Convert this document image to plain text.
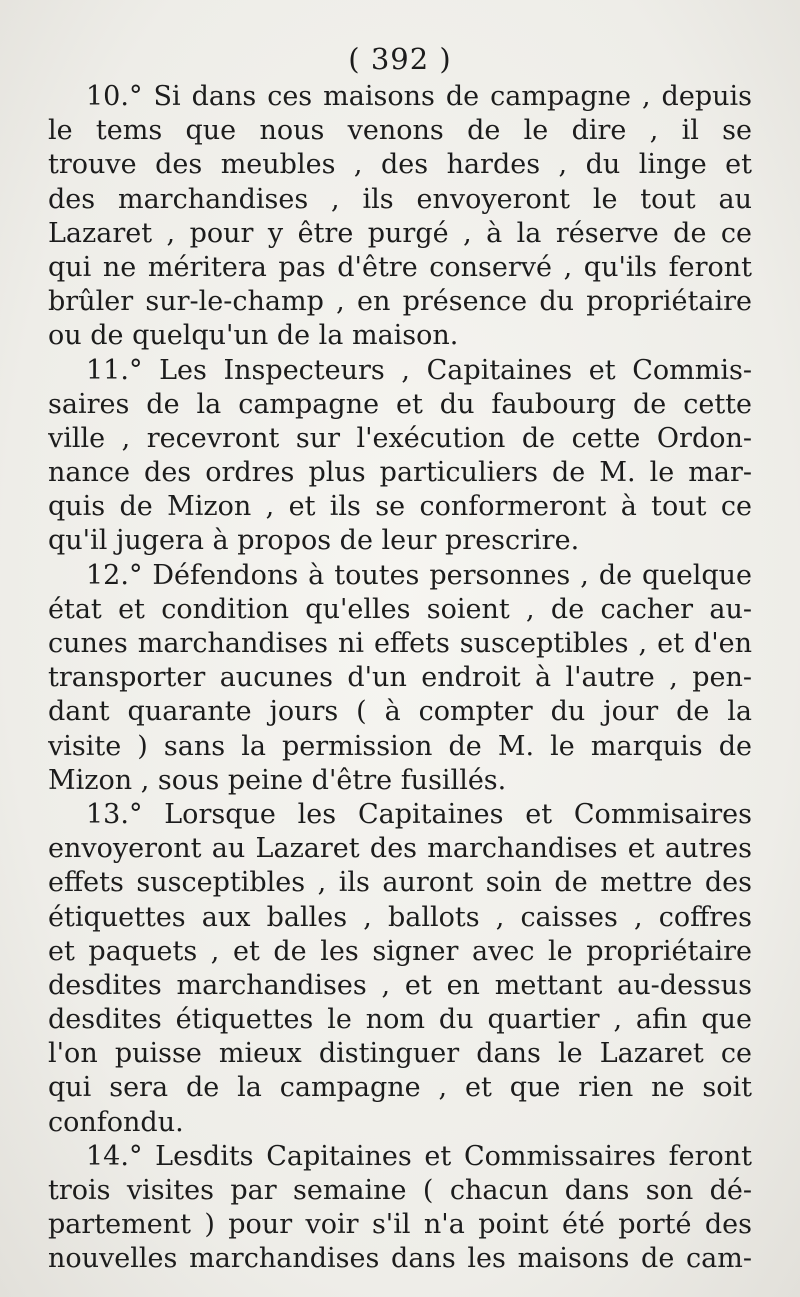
( 392 )
10.° Si dans ces maisons de campagne , depuis
le tems que nous venons de le dire , il se
trouve des meubles , des hardes , du linge et
des marchandises , ils envoyeront le tout au
Lazaret , pour y être purgé , à la réserve de ce
qui ne méritera pas d'être conservé , qu'ils feront
brûler sur-le-champ , en présence du propriétaire
ou de quelqu'un de la maison.
11.° Les Inspecteurs , Capitaines et Commis-
saires de la campagne et du faubourg de cette
ville , recevront sur l'exécution de cette Ordon-
nance des ordres plus particuliers de M. le mar-
quis de Mizon , et ils se conformeront à tout ce
qu'il jugera à propos de leur prescrire.
12.° Défendons à toutes personnes , de quelque
état et condition qu'elles soient , de cacher au-
cunes marchandises ni effets susceptibles , et d'en
transporter aucunes d'un endroit à l'autre , pen-
dant quarante jours ( à compter du jour de la
visite ) sans la permission de M. le marquis de
Mizon , sous peine d'être fusillés.
13.° Lorsque les Capitaines et Commisaires
envoyeront au Lazaret des marchandises et autres
effets susceptibles , ils auront soin de mettre des
étiquettes aux balles , ballots , caisses , coffres
et paquets , et de les signer avec le propriétaire
desdites marchandises , et en mettant au-dessus
desdites étiquettes le nom du quartier , afin que
l'on puisse mieux distinguer dans le Lazaret ce
qui sera de la campagne , et que rien ne soit
confondu.
14.° Lesdits Capitaines et Commissaires feront
trois visites par semaine ( chacun dans son dé-
partement ) pour voir s'il n'a point été porté des
nouvelles marchandises dans les maisons de cam-
